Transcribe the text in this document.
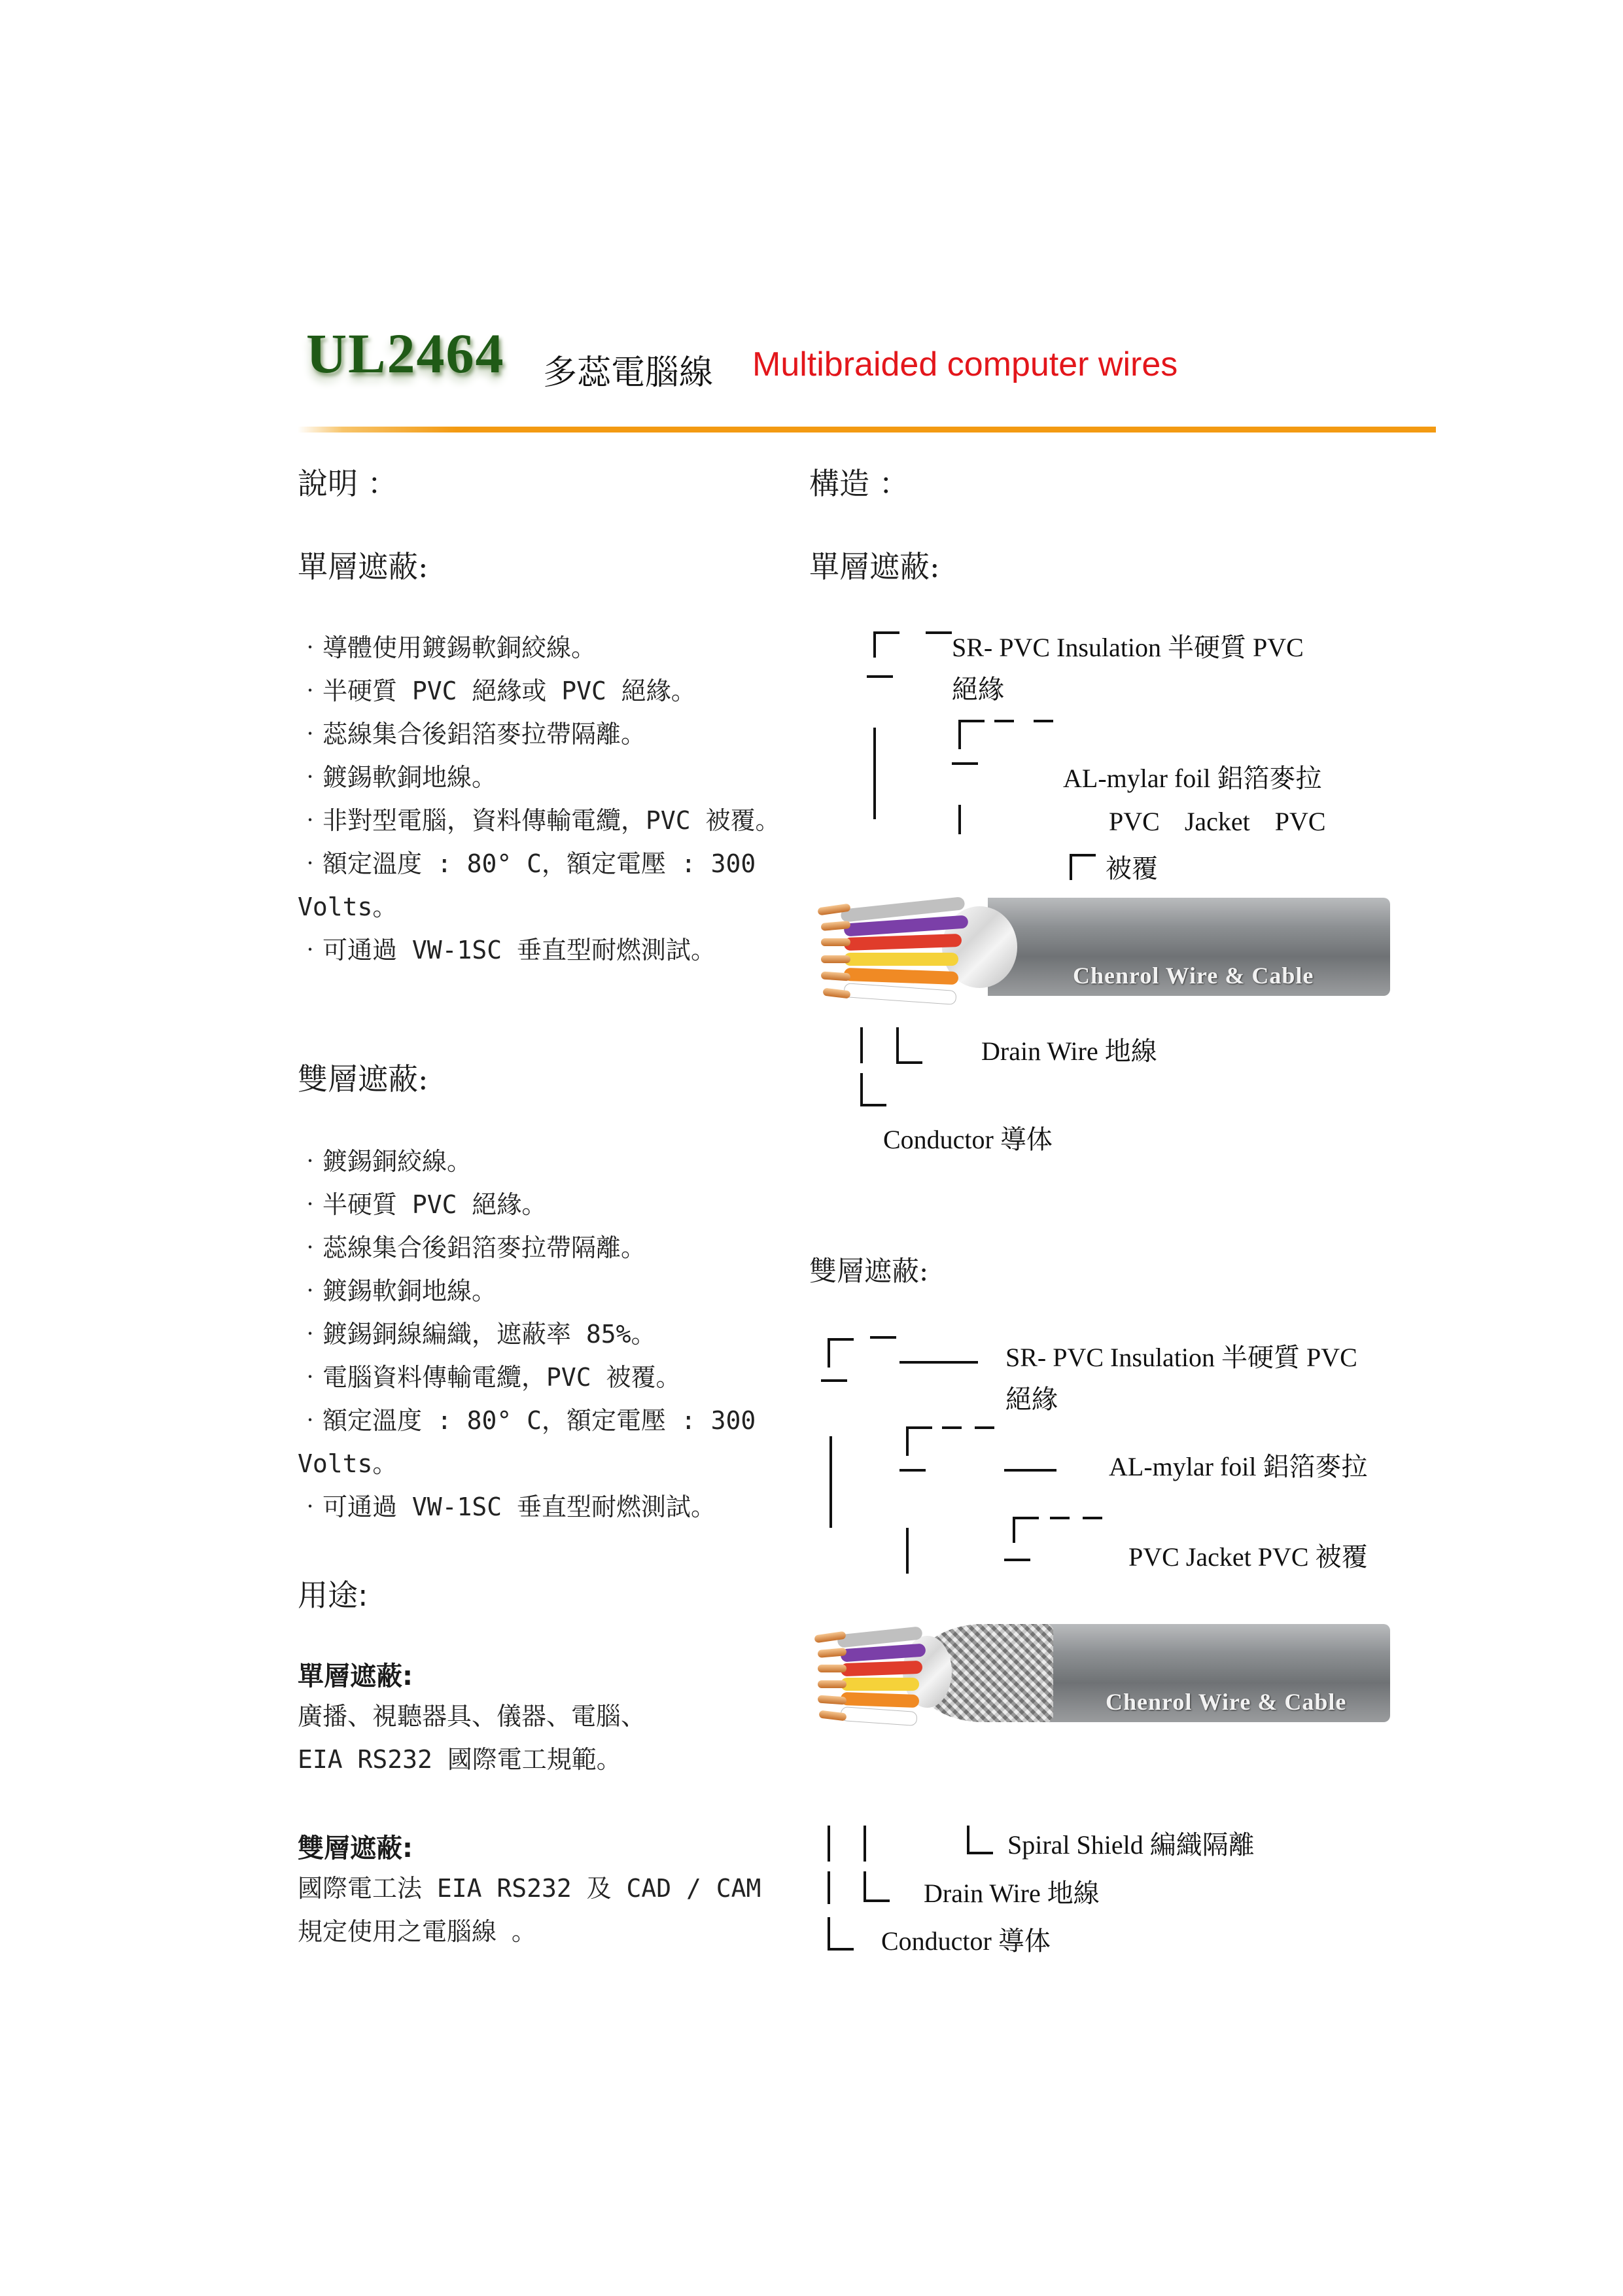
UL2464 多蕊電腦線 Multibraided computer wires
說明 ：
單層遮蔽:
‧導體使用鍍錫軟銅絞線。
‧半硬質 PVC 絕緣或 PVC 絕緣。
‧蕊線集合後鋁箔麥拉帶隔離。
‧鍍錫軟銅地線。
‧非對型電腦，資料傳輸電纜，PVC 被覆。
‧額定溫度 : 80° C，額定電壓 : 300
Volts。
‧可通過 VW-1SC 垂直型耐燃測試。
雙層遮蔽:
‧鍍錫銅絞線。
‧半硬質 PVC 絕緣。
‧蕊線集合後鋁箔麥拉帶隔離。
‧鍍錫軟銅地線。
‧鍍錫銅線編織，遮蔽率 85%。
‧電腦資料傳輸電纜，PVC 被覆。
‧額定溫度 : 80° C，額定電壓 : 300
Volts。
‧可通過 VW-1SC 垂直型耐燃測試。
用途:
單層遮蔽:
廣播、視聽器具、儀器、電腦、
EIA RS232 國際電工規範。
雙層遮蔽:
國際電工法 EIA RS232 及 CAD / CAM
規定使用之電腦線 。
構造 ：
單層遮蔽:
SR- PVC Insulation 半硬質 PVC
絕緣
AL-mylar foil 鋁箔麥拉
PVC Jacket PVC
被覆
Chenrol Wire & Cable
Drain Wire 地線
Conductor 導体
雙層遮蔽:
SR- PVC Insulation 半硬質 PVC
絕緣
AL-mylar foil 鋁箔麥拉
PVC Jacket PVC 被覆
Chenrol Wire & Cable
Spiral Shield 編織隔離
Drain Wire 地線
Conductor 導体
